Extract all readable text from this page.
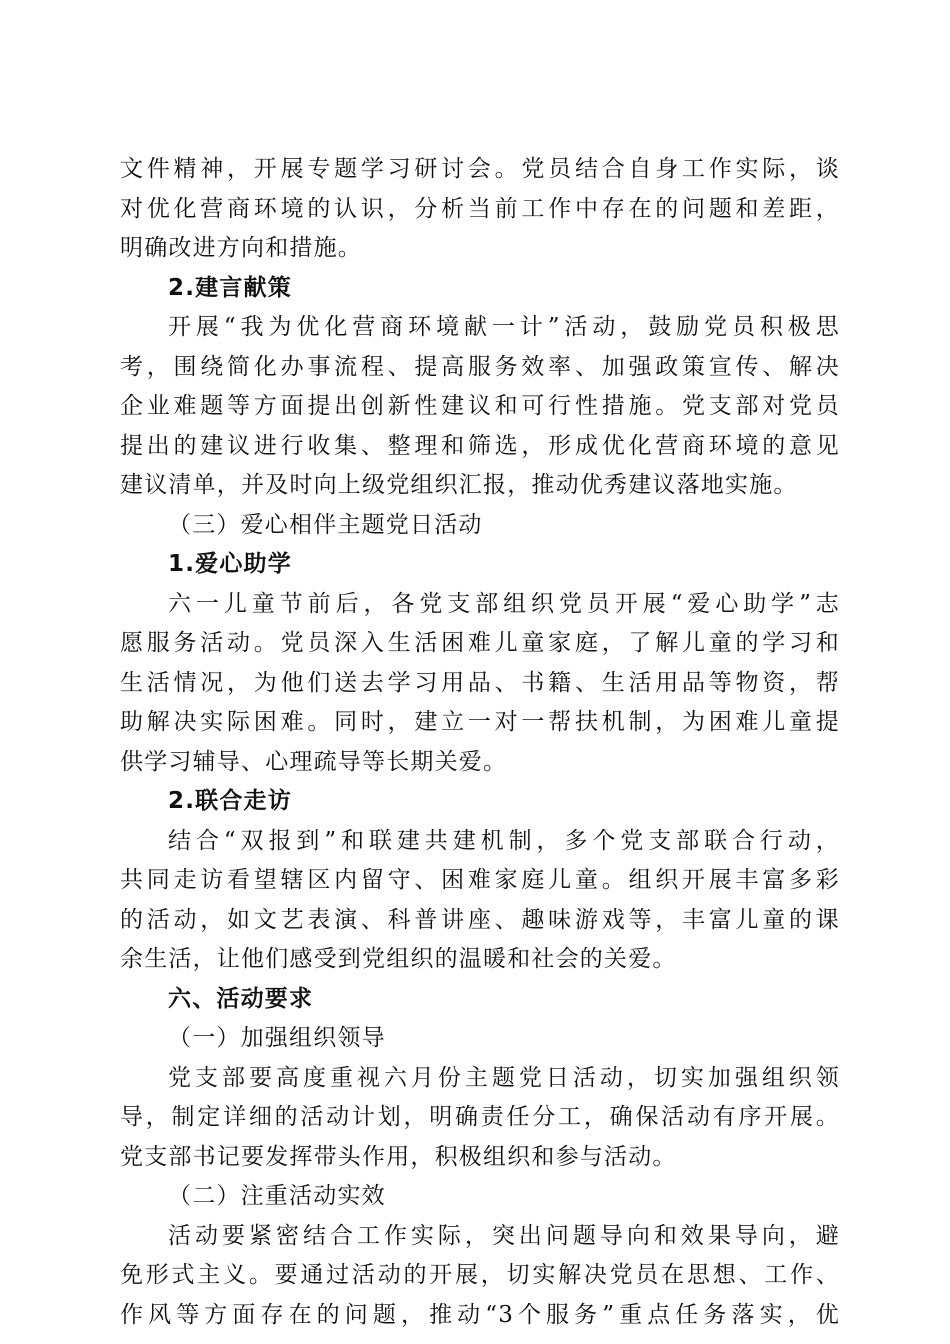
文件精神，开展专题学习研讨会。党员结合自身工作实际，谈
对优化营商环境的认识，分析当前工作中存在的问题和差距，
明确改进方向和措施。
2.建言献策
开展“我为优化营商环境献一计”活动，鼓励党员积极思
考，围绕简化办事流程、提高服务效率、加强政策宣传、解决
企业难题等方面提出创新性建议和可行性措施。党支部对党员
提出的建议进行收集、整理和筛选，形成优化营商环境的意见
建议清单，并及时向上级党组织汇报，推动优秀建议落地实施。
（三）爱心相伴主题党日活动
1.爱心助学
六一儿童节前后，各党支部组织党员开展“爱心助学”志
愿服务活动。党员深入生活困难儿童家庭，了解儿童的学习和
生活情况，为他们送去学习用品、书籍、生活用品等物资，帮
助解决实际困难。同时，建立一对一帮扶机制，为困难儿童提
供学习辅导、心理疏导等长期关爱。
2.联合走访
结合“双报到”和联建共建机制，多个党支部联合行动，
共同走访看望辖区内留守、困难家庭儿童。组织开展丰富多彩
的活动，如文艺表演、科普讲座、趣味游戏等，丰富儿童的课
余生活，让他们感受到党组织的温暖和社会的关爱。
六、活动要求
（一）加强组织领导
党支部要高度重视六月份主题党日活动，切实加强组织领
导，制定详细的活动计划，明确责任分工，确保活动有序开展。
党支部书记要发挥带头作用，积极组织和参与活动。
（二）注重活动实效
活动要紧密结合工作实际，突出问题导向和效果导向，避
免形式主义。要通过活动的开展，切实解决党员在思想、工作、
作风等方面存在的问题，推动“3个服务”重点任务落实，优
